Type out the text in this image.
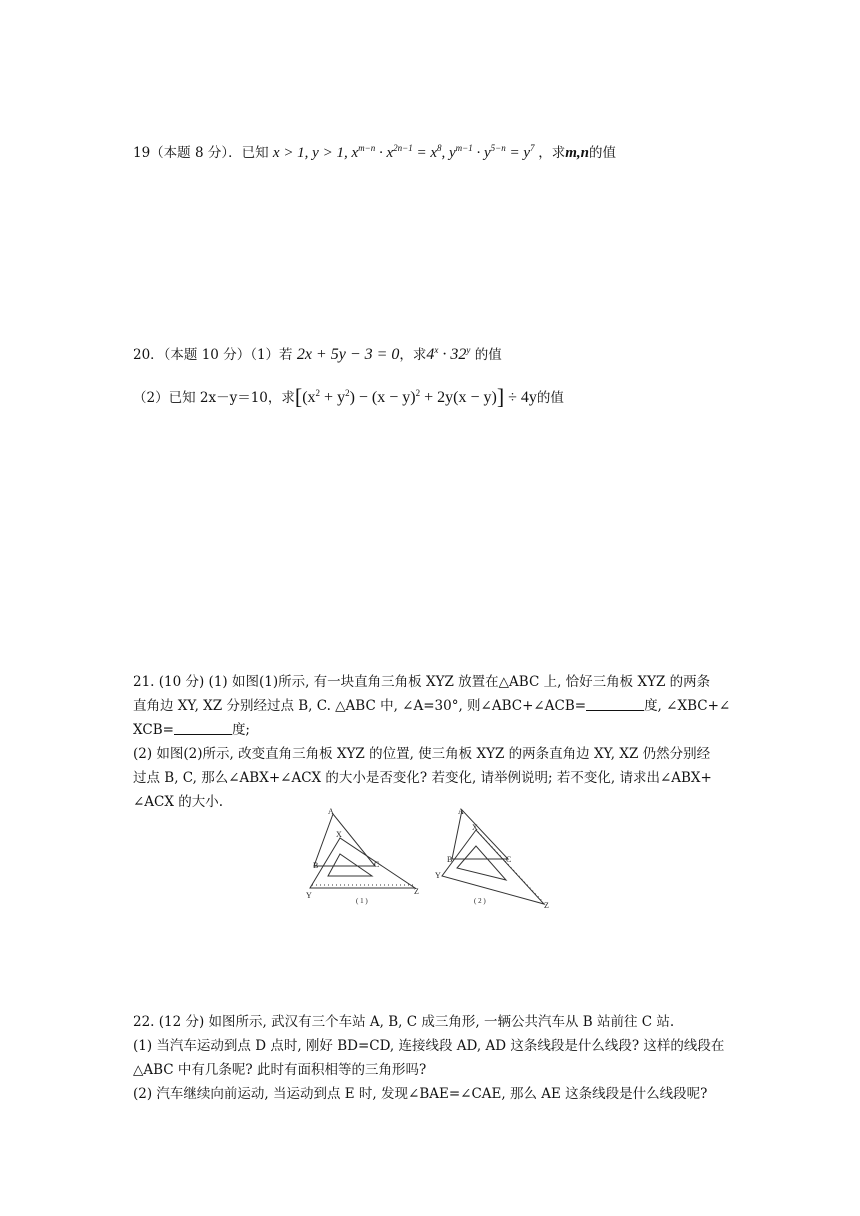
19（本题 8 分）．已知 x > 1, y > 1, $x^{m-n} \cdot x^{2n-1} = x^8$, $y^{m-1} \cdot y^{5-n} = y^7$ ，求m,n的值
20．（本题 10 分）（1）若 2x + 5y − 3 = 0，求$4^x \cdot 32^y$ 的值
（2）已知 2x－y＝10，求$[(x^2 + y^2) - (x - y)^2 + 2y(x - y)] \div 4y$的值
21. (10 分) (1) 如图(1)所示, 有一块直角三角板 XYZ 放置在△ABC 上, 恰好三角板 XYZ 的两条
直角边 XY, XZ 分别经过点 B, C. △ABC 中, ∠A=30°, 则∠ABC+∠ACB=	度, ∠XBC+∠
XCB=	度;
(2) 如图(2)所示, 改变直角三角板 XYZ 的位置, 使三角板 XYZ 的两条直角边 XY, XZ 仍然分别经
过点 B, C, 那么∠ABX+∠ACX 的大小是否变化? 若变化, 请举例说明; 若不变化, 请求出∠ABX+
∠ACX 的大小.
A
X
B	C
Y	Z
( 1 )
A
X
B	C
Y
Z
( 2 )
22. (12 分) 如图所示, 武汉有三个车站 A, B, C 成三角形, 一辆公共汽车从 B 站前往 C 站.
(1) 当汽车运动到点 D 点时, 刚好 BD=CD, 连接线段 AD, AD 这条线段是什么线段? 这样的线段在
△ABC 中有几条呢? 此时有面积相等的三角形吗?
(2) 汽车继续向前运动, 当运动到点 E 时, 发现∠BAE=∠CAE, 那么 AE 这条线段是什么线段呢?
